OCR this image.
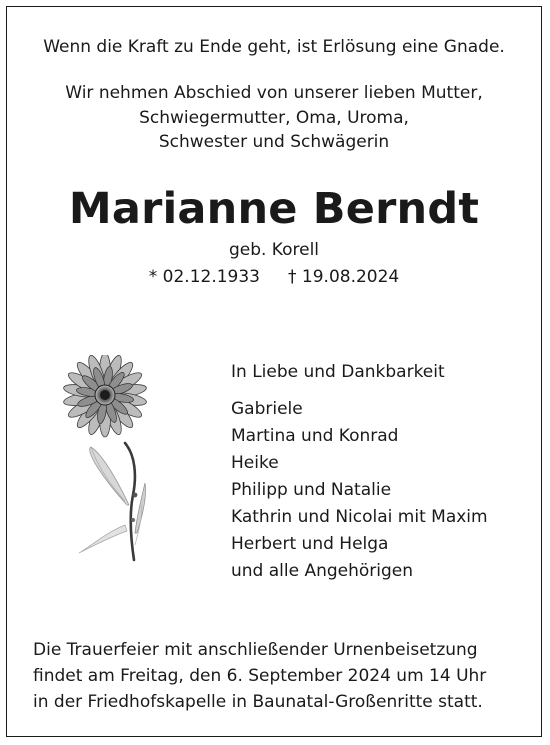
Wenn die Kraft zu Ende geht, ist Erlösung eine Gnade.
Wir nehmen Abschied von unserer lieben Mutter,
Schwiegermutter, Oma, Uroma,
Schwester und Schwägerin
Marianne Berndt
geb. Korell
* 02.12.1933 † 19.08.2024
In Liebe und Dankbarkeit
Gabriele
Martina und Konrad
Heike
Philipp und Natalie
Kathrin und Nicolai mit Maxim
Herbert und Helga
und alle Angehörigen
Die Trauerfeier mit anschließender Urnenbeisetzung
findet am Freitag, den 6. September 2024 um 14 Uhr
in der Friedhofskapelle in Baunatal-Großenritte statt.
